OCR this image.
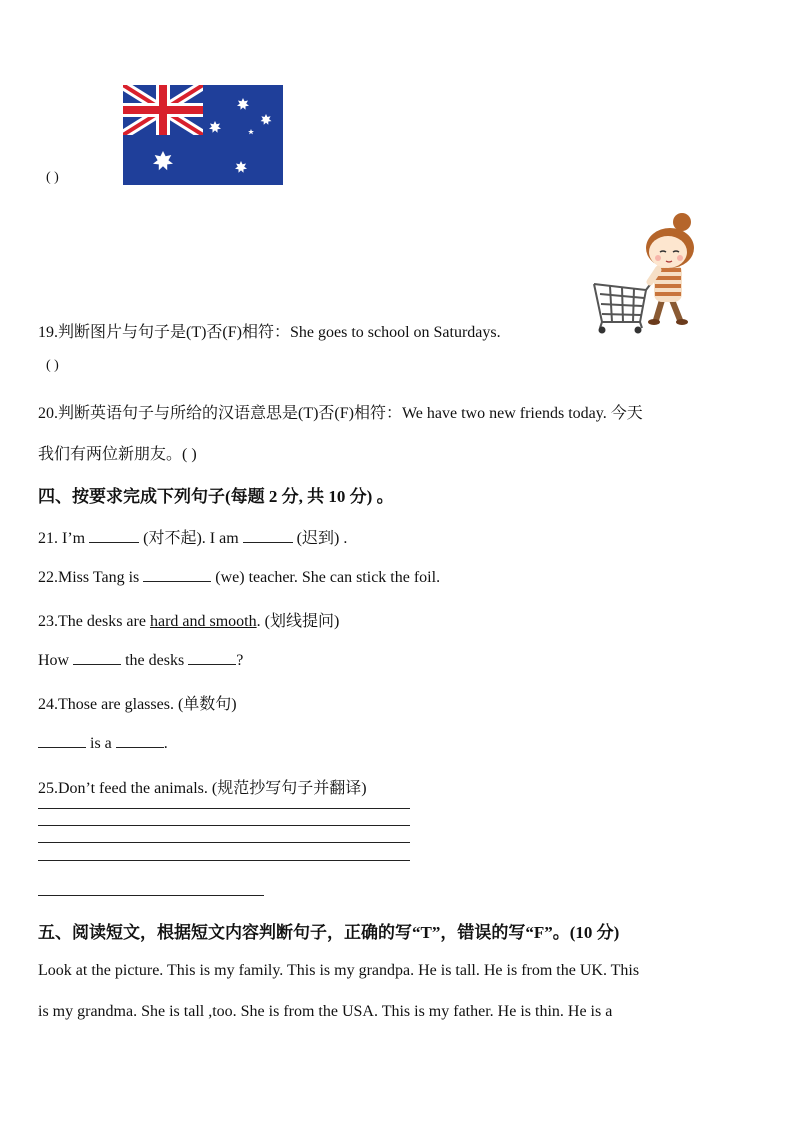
( )
19.判断图片与句子是(T)否(F)相符：She goes to school on Saturdays.
( )
20.判断英语句子与所给的汉语意思是(T)否(F)相符：We have two new friends today. 今天
我们有两位新朋友。( )
四、按要求完成下列句子(每题 2 分, 共 10 分) 。
21. I’m	(对不起). I am	(迟到) .
22.Miss Tang is	(we) teacher. She can stick the foil.
23.The desks are hard and smooth. (划线提问)
How	the desks	?
24.Those are glasses. (单数句)
is a	.
25.Don’t feed the animals. (规范抄写句子并翻译)
五、阅读短文，根据短文内容判断句子，正确的写“T”，错误的写“F”。(10 分)
Look at the picture. This is my family. This is my grandpa. He is tall. He is from the UK. This
is my grandma. She is tall ,too. She is from the USA. This is my father. He is thin. He is a
